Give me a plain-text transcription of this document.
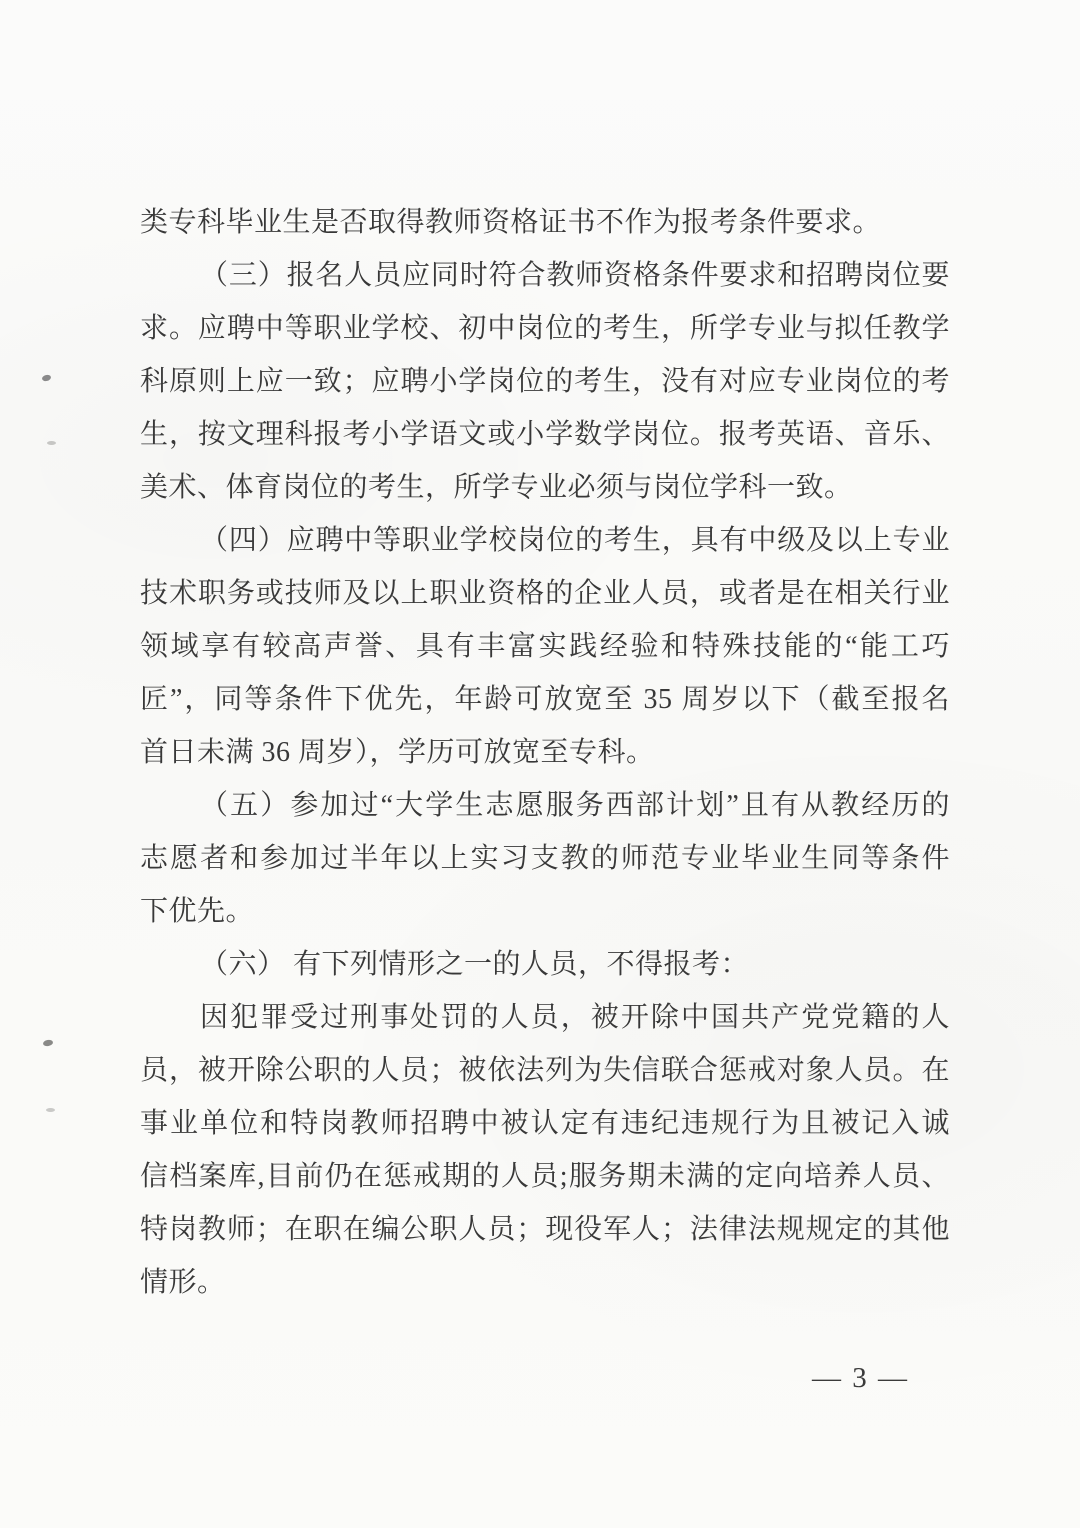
类专科毕业生是否取得教师资格证书不作为报考条件要求。
（三）报名人员应同时符合教师资格条件要求和招聘岗位要
求。应聘中等职业学校、初中岗位的考生，所学专业与拟任教学
科原则上应一致；应聘小学岗位的考生，没有对应专业岗位的考
生，按文理科报考小学语文或小学数学岗位。报考英语、音乐、
美术、体育岗位的考生，所学专业必须与岗位学科一致。
（四）应聘中等职业学校岗位的考生，具有中级及以上专业
技术职务或技师及以上职业资格的企业人员，或者是在相关行业
领域享有较高声誉、具有丰富实践经验和特殊技能的“能工巧
匠”，同等条件下优先，年龄可放宽至 35 周岁以下（截至报名
首日未满 36 周岁），学历可放宽至专科。
（五）参加过“大学生志愿服务西部计划”且有从教经历的
志愿者和参加过半年以上实习支教的师范专业毕业生同等条件
下优先。
（六） 有下列情形之一的人员，不得报考：
因犯罪受过刑事处罚的人员，被开除中国共产党党籍的人
员，被开除公职的人员；被依法列为失信联合惩戒对象人员。在
事业单位和特岗教师招聘中被认定有违纪违规行为且被记入诚
信档案库,目前仍在惩戒期的人员;服务期未满的定向培养人员、
特岗教师；在职在编公职人员；现役军人；法律法规规定的其他
情形。
— 3 —
